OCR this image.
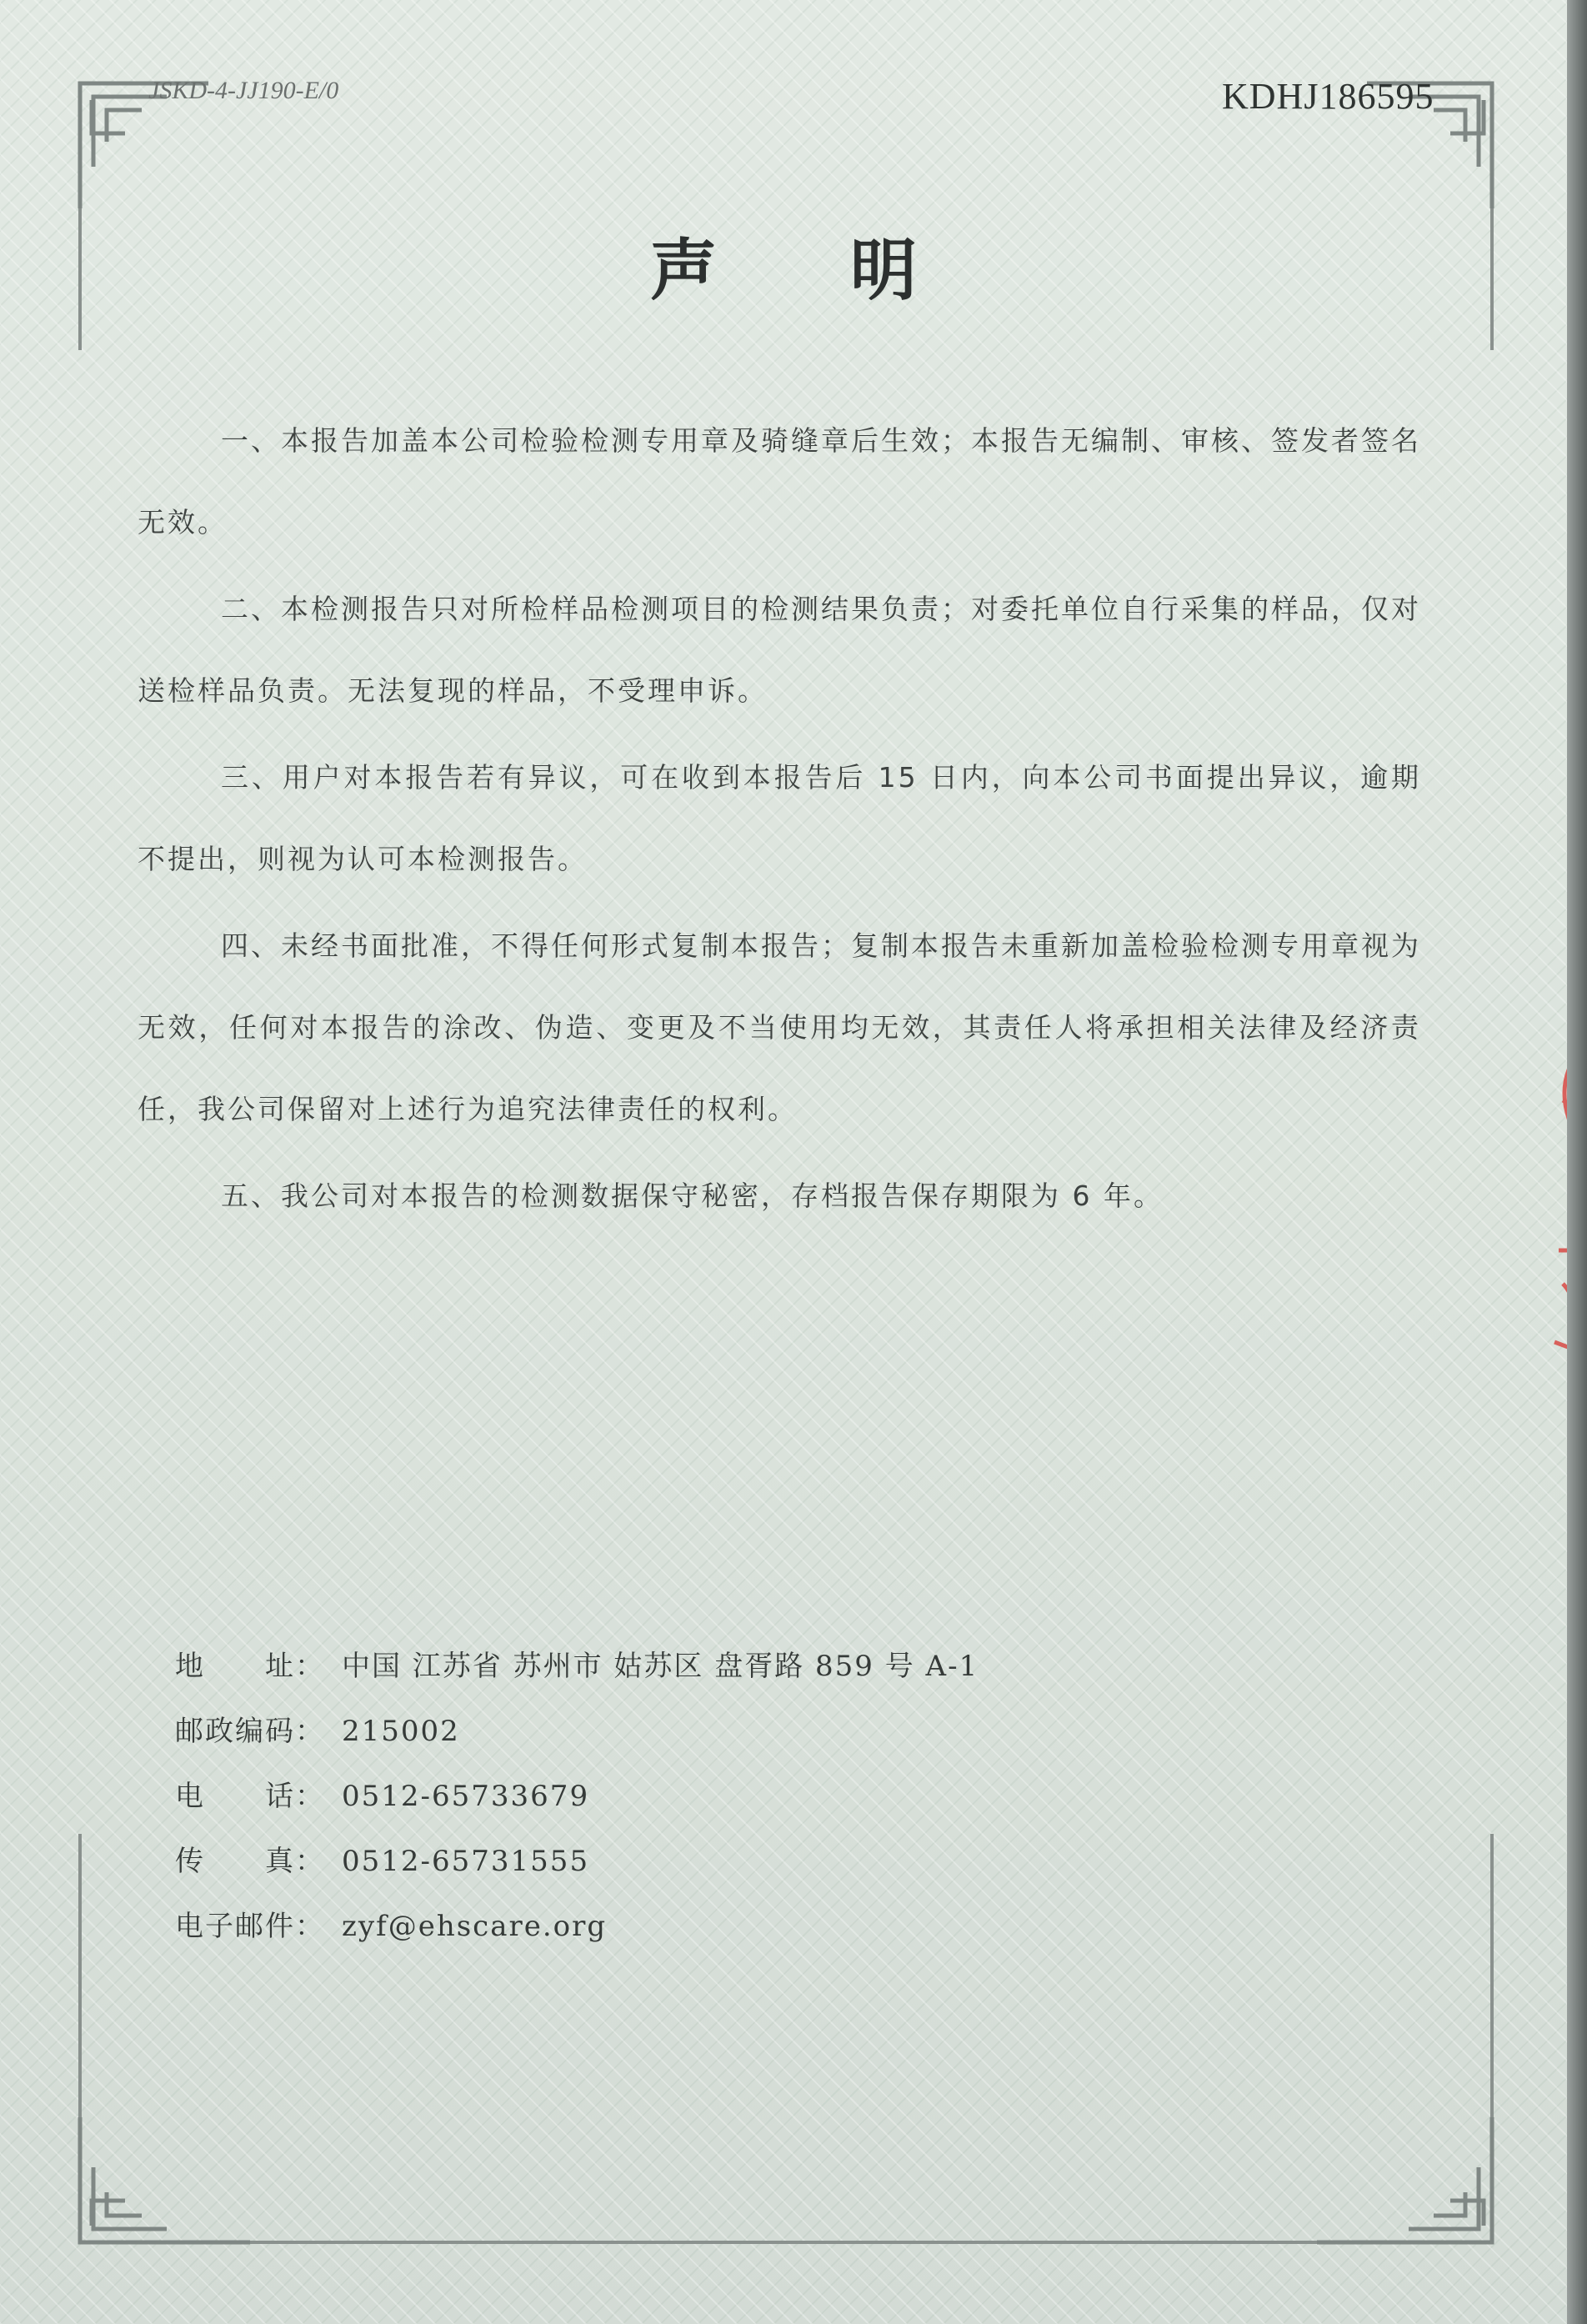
JSKD-4-JJ190-E/0	KDHJ186595
声明

一、本报告加盖本公司检验检测专用章及骑缝章后生效；本报告无编制、审核、签发者签名无效。

二、本检测报告只对所检样品检测项目的检测结果负责；对委托单位自行采集的样品，仅对送检样品负责。无法复现的样品，不受理申诉。

三、用户对本报告若有异议，可在收到本报告后 15 日内，向本公司书面提出异议，逾期不提出，则视为认可本检测报告。

四、未经书面批准，不得任何形式复制本报告；复制本报告未重新加盖检验检测专用章视为无效，任何对本报告的涂改、伪造、变更及不当使用均无效，其责任人将承担相关法律及经济责任，我公司保留对上述行为追究法律责任的权利。

五、我公司对本报告的检测数据保守秘密，存档报告保存期限为 6 年。

地　　址： 中国 江苏省 苏州市 姑苏区 盘胥路 859 号 A-1
邮政编码： 215002
电　　话： 0512-65733679
传　　真： 0512-65731555
电子邮件： zyf@ehscare.org
